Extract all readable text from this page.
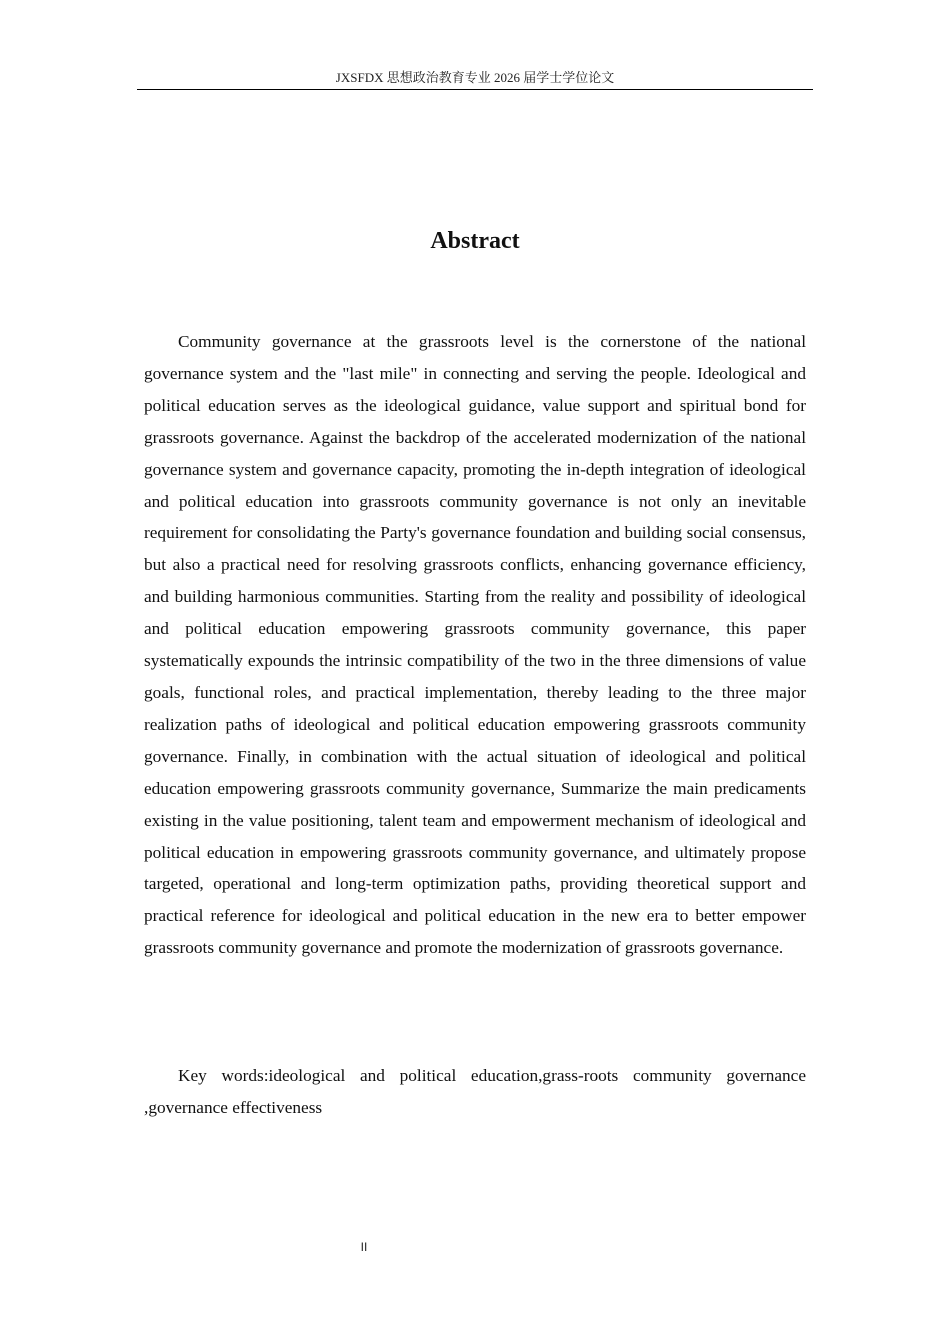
JXSFDX 思想政治教育专业 2026 届学士学位论文
Abstract

Community governance at the grassroots level is the cornerstone of the national governance system and the "last mile" in connecting and serving the people. Ideological and political education serves as the ideological guidance, value support and spiritual bond for grassroots governance. Against the backdrop of the accelerated modernization of the national governance system and governance capacity, promoting the in-depth integration of ideological and political education into grassroots community governance is not only an inevitable requirement for consolidating the Party's governance foundation and building social consensus, but also a practical need for resolving grassroots conflicts, enhancing governance efficiency, and building harmonious communities. Starting from the reality and possibility of ideological and political education empowering grassroots community governance, this paper systematically expounds the intrinsic compatibility of the two in the three dimensions of value goals, functional roles, and practical implementation, thereby leading to the three major realization paths of ideological and political education empowering grassroots community governance. Finally, in combination with the actual situation of ideological and political education empowering grassroots community governance, Summarize the main predicaments existing in the value positioning, talent team and empowerment mechanism of ideological and political education in empowering grassroots community governance, and ultimately propose targeted, operational and long-term optimization paths, providing theoretical support and practical reference for ideological and political education in the new era to better empower grassroots community governance and promote the modernization of grassroots governance.

Key words:ideological and political education,grass-roots community governance ,governance effectiveness

II
